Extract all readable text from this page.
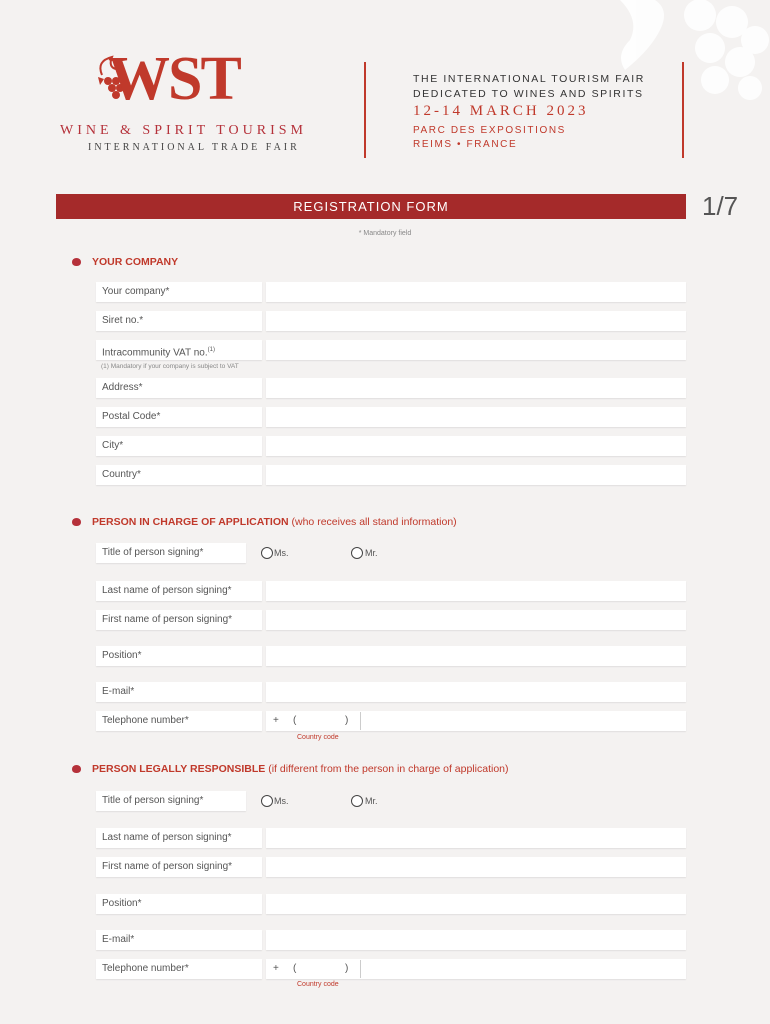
WST
WINE & SPIRIT TOURISM
INTERNATIONAL TRADE FAIR
THE INTERNATIONAL TOURISM FAIR
DEDICATED TO WINES AND SPIRITS
12-14 MARCH 2023
PARC DES EXPOSITIONS
REIMS • FRANCE
REGISTRATION FORM	1/7
* Mandatory field
YOUR COMPANY
Your company*
Siret no.*
Intracommunity VAT no.$^{(1)}$
(1) Mandatory if your company is subject to VAT
Address*
Postal Code*
City*
Country*
PERSON IN CHARGE OF APPLICATION (who receives all stand information)
Title of person signing*	Ms.	Mr.
Last name of person signing*
First name of person signing*
Position*
E-mail*
Telephone number*	+ (	)
Country code
PERSON LEGALLY RESPONSIBLE (if different from the person in charge of application)
Title of person signing*	Ms.	Mr.
Last name of person signing*
First name of person signing*
Position*
E-mail*
Telephone number*	+ (	)
Country code
